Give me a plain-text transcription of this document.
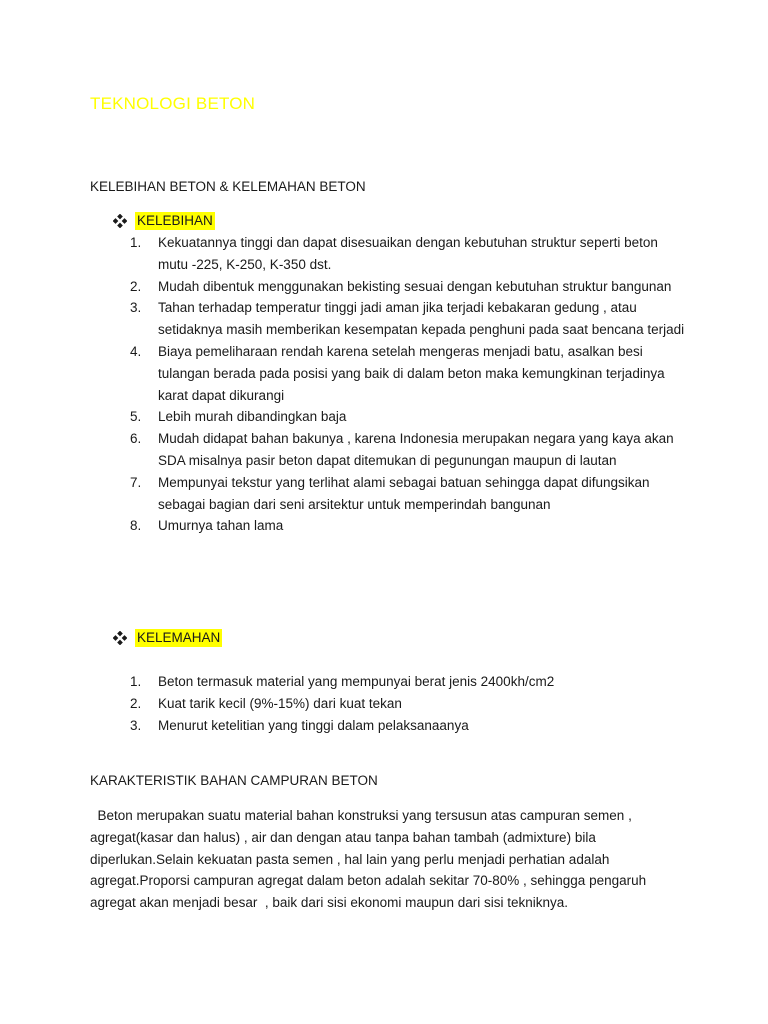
TEKNOLOGI BETON
KELEBIHAN BETON & KELEMAHAN BETON
KELEBIHAN
1.	Kekuatannya tinggi dan dapat disesuaikan dengan kebutuhan struktur seperti beton mutu -225, K-250, K-350 dst.
2.	Mudah dibentuk menggunakan bekisting sesuai dengan kebutuhan struktur bangunan
3.	Tahan terhadap temperatur tinggi jadi aman jika terjadi kebakaran gedung , atau setidaknya masih memberikan kesempatan kepada penghuni pada saat bencana terjadi
4.	Biaya pemeliharaan rendah karena setelah mengeras menjadi batu, asalkan besi tulangan berada pada posisi yang baik di dalam beton maka kemungkinan terjadinya karat dapat dikurangi
5.	Lebih murah dibandingkan baja
6.	Mudah didapat bahan bakunya , karena Indonesia merupakan negara yang kaya akan SDA misalnya pasir beton dapat ditemukan di pegunungan maupun di lautan
7.	Mempunyai tekstur yang terlihat alami sebagai batuan sehingga dapat difungsikan sebagai bagian dari seni arsitektur untuk memperindah bangunan
8.	Umurnya tahan lama
KELEMAHAN
1.	Beton termasuk material yang mempunyai berat jenis 2400kh/cm2
2.	Kuat tarik kecil (9%-15%) dari kuat tekan
3.	Menurut ketelitian yang tinggi dalam pelaksanaanya
KARAKTERISTIK BAHAN CAMPURAN BETON

Beton merupakan suatu material bahan konstruksi yang tersusun atas campuran semen , agregat(kasar dan halus) , air dan dengan atau tanpa bahan tambah (admixture) bila diperlukan.Selain kekuatan pasta semen , hal lain yang perlu menjadi perhatian adalah agregat.Proporsi campuran agregat dalam beton adalah sekitar 70-80% , sehingga pengaruh agregat akan menjadi besar  , baik dari sisi ekonomi maupun dari sisi tekniknya.
